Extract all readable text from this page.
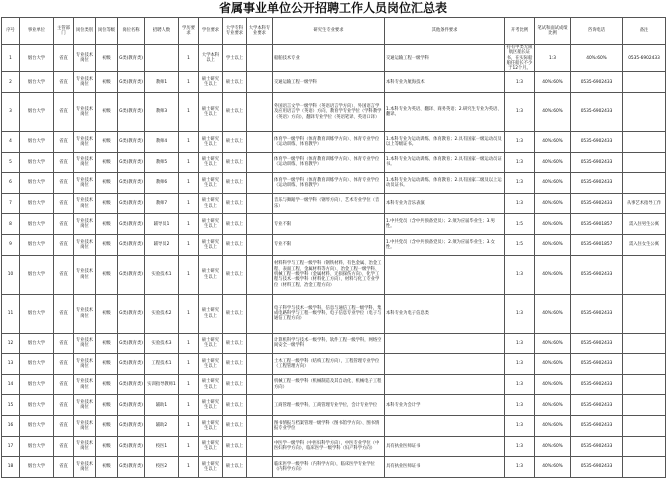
省属事业单位公开招聘工作人员岗位汇总表
序号	事业单位	主管部门	岗位类别	岗位等级	岗位名称	招聘人数	学历要求	学位要求	大学专科专业要求	大学本科专业要求	研究生专业要求	其他条件要求	开考比例	笔试和面试成绩比例	咨询电话	备注
1	烟台大学	省直	专业技术岗位	初级	G类(教育类)		1	大学本科以上	学士以上		船舶技术专业	交通运输工程一级学科	持有甲类无限航区船长证书，在实际船舶任船长不少于12个月。	1:3	40%:60%	0535-6902433
2	烟台大学	省直	专业技术岗位	初级	G类(教育类)	教师1	1	硕士研究生以上	硕士以上		交通运输工程一级学科	本科专业为航海技术	1:3	40%:60%	0535-6902433	
3	烟台大学	省直	专业技术岗位	初级	G类(教育类)	教师3	1	硕士研究生以上	硕士以上		外国语言文学一级学科（英语语言学方向）、外国语言学及应用语言学（英语）方向，教育学专业学位（学科教学（英语）方向），翻译专业学位（英语笔译、英语口译）	1.本科专业为英语、翻译、商务英语；2.研究生专业为英语、翻译。	1:3	40%:60%	0535-6902433	
4	烟台大学	省直	专业技术岗位	初级	G类(教育类)	教师4	1	硕士研究生以上	硕士以上		体育学一级学科（体育教育训练学方向）、体育专业学位（运动训练、体育教学）	1.本科专业为运动训练、体育教育；2.具有国家一级运动员及以上等级证书。	1:3	40%:60%	0535-6902433	
5	烟台大学	省直	专业技术岗位	初级	G类(教育类)	教师5	1	硕士研究生以上	硕士以上		体育学一级学科（体育教育训练学方向）、体育专业学位（运动训练、体育教学）	1.本科专业为运动训练、体育教育；2.具有国家一级运动员证书。	1:3	40%:60%	0535-6902433	
6	烟台大学	省直	专业技术岗位	初级	G类(教育类)	教师6	1	硕士研究生以上	硕士以上		体育学一级学科（体育教育训练学方向）、体育专业学位（运动训练、体育教学）	1.本科专业为运动训练、体育教育；2.具有国家二级及以上运动员证书。	1:3	40%:60%	0535-6902433	
7	烟台大学	省直	专业技术岗位	初级	G类(教育类)	教师7	1	硕士研究生以上	硕士以上		音乐与舞蹈学一级学科（钢琴方向）、艺术专业学位（音乐）	本科专业为音乐表演	1:3	40%:60%	0535-6902433	从事艺术指导工作
8	烟台大学	省直	专业技术岗位	初级	G类(教育类)	辅导员1	1	硕士研究生以上	硕士以上		专业不限	1.中共党员（含中共预备党员）；2.须为应届毕业生；3.男性。	1:5	40%:60%	0535-6901857	需入住男生公寓
9	烟台大学	省直	专业技术岗位	初级	G类(教育类)	辅导员2	1	硕士研究生以上	硕士以上		专业不限	1.中共党员（含中共预备党员）；2.须为应届毕业生；3.女性。	1:5	40%:60%	0535-6901857	需入住女生公寓
10	烟台大学	省直	专业技术岗位	初级	G类(教育类)	实验技术1	1	硕士研究生以上	硕士以上		材料科学与工程一级学科（钢铁材料、有色金属、冶金工程、表面工程、金属材料等方向）、冶金工程一级学科、机械工程一级学科（金属材料、无损探伤方向），化学工程与技术一级学科（材料化工方向）、材料与化工专业学位（材料工程、冶金工程方向）		1:3	40%:60%	0535-6902433	
11	烟台大学	省直	专业技术岗位	初级	G类(教育类)	实验技术2	1	硕士研究生以上	硕士以上		电子科学与技术一级学科，信息与通信工程一级学科，集成电路科学与工程一级学科，电子信息专业学位（电子与通信工程方向）	本科专业为电子信息类	1:3	40%:60%	0535-6902433	
12	烟台大学	省直	专业技术岗位	初级	G类(教育类)	实验技术3	1	硕士研究生以上	硕士以上		计算机科学与技术一级学科，软件工程一级学科，网络空间安全一级学科		1:3	40%:60%	0535-6902433	
13	烟台大学	省直	专业技术岗位	初级	G类(教育类)	工程技术1	1	硕士研究生以上	硕士以上		土木工程一级学科（结构工程方向），工程管理专业学位（工程管理方向）		1:3	40%:60%	0535-6902433	
14	烟台大学	省直	专业技术岗位	初级	G类(教育类)	实训指导教师1	1	硕士研究生以上	硕士以上		机械工程一级学科（机械制造及其自动化、机械电子工程方向）		1:3	40%:60%	0535-6902433	
15	烟台大学	省直	专业技术岗位	初级	G类(教育类)	辅助1	1	硕士研究生以上	硕士以上		工商管理一级学科，工商管理专业学位，会计专业学位	本科专业为会计学	1:3	40%:60%	0535-6902433	
16	烟台大学	省直	专业技术岗位	初级	G类(教育类)	辅助2	1	硕士研究生以上	硕士以上		图书情报与档案管理一级学科（图书馆学方向）、图书情报专业学位		1:3	40%:60%	0535-6902433	
17	烟台大学	省直	专业技术岗位	初级	G类(教育类)	校医1	1	硕士研究生以上	硕士以上		中医学一级学科（中医妇科学方向），中医专业学位（中医妇科学方向），临床医学一级学科（妇产科学方向）	具有执业医师证书	1:3	40%:60%	0535-6902433	
18	烟台大学	省直	专业技术岗位	初级	G类(教育类)	校医2	1	硕士研究生以上	硕士以上		临床医学一级学科（内科学方向），临床医学专业学位（内科学方向）	具有执业医师证书	1:3	40%:60%	0535-6902433	
